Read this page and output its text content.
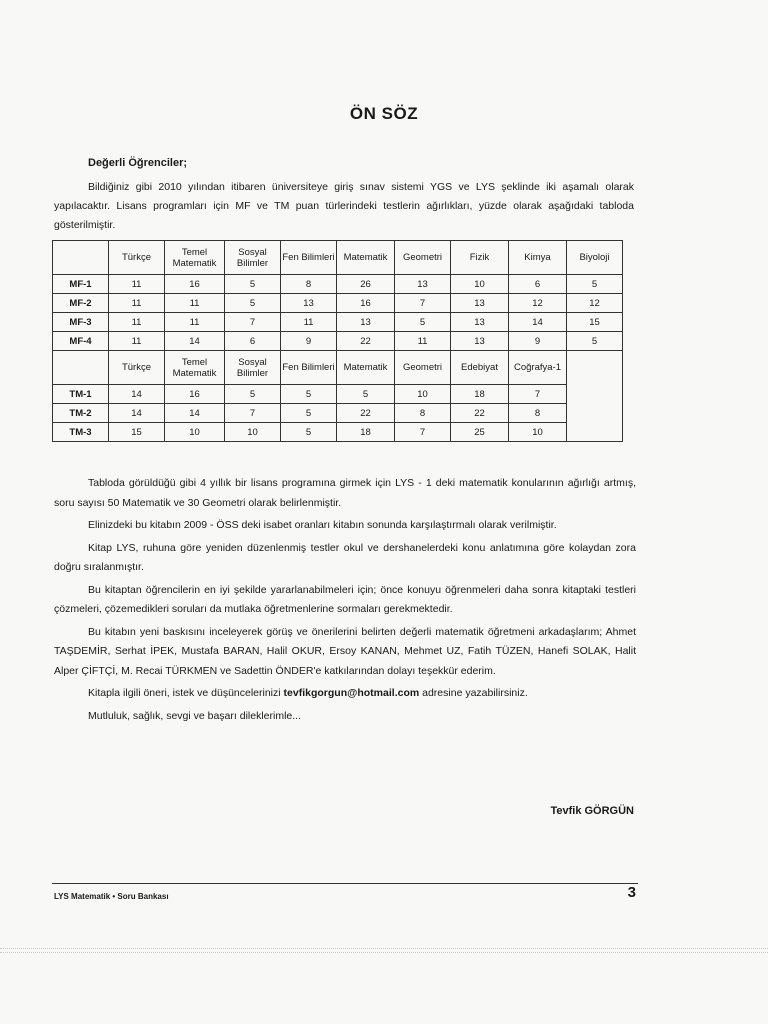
ÖN SÖZ
Değerli Öğrenciler;
Bildiğiniz gibi 2010 yılından itibaren üniversiteye giriş sınav sistemi YGS ve LYS şeklinde iki aşamalı olarak yapılacaktır. Lisans programları için MF ve TM puan türlerindeki testlerin ağırlıkları, yüzde olarak aşağıdaki tabloda gösterilmiştir.
	Türkçe	Temel Matematik	Sosyal Bilimler	Fen Bilimleri	Matematik	Geometri	Fizik	Kimya	Biyoloji
MF-1	11	16	5	8	26	13	10	6	5
MF-2	11	11	5	13	16	7	13	12	12
MF-3	11	11	7	11	13	5	13	14	15
MF-4	11	14	6	9	22	11	13	9	5
	Türkçe	Temel Matematik	Sosyal Bilimler	Fen Bilimleri	Matematik	Geometri	Edebiyat	Coğrafya-1	
TM-1	14	16	5	5	5	10	18	7	
TM-2	14	14	7	5	22	8	22	8	
TM-3	15	10	10	5	18	7	25	10	

Tabloda görüldüğü gibi 4 yıllık bir lisans programına girmek için LYS - 1 deki matematik konularının ağırlığı artmış, soru sayısı 50 Matematik ve 30 Geometri olarak belirlenmiştir.

Elinizdeki bu kitabın 2009 - ÖSS deki isabet oranları kitabın sonunda karşılaştırmalı olarak verilmiştir.

Kitap LYS, ruhuna göre yeniden düzenlenmiş testler okul ve dershanelerdeki konu anlatımına göre kolaydan zora doğru sıralanmıştır.

Bu kitaptan öğrencilerin en iyi şekilde yararlanabilmeleri için; önce konuyu öğrenmeleri daha sonra kitaptaki testleri çözmeleri, çözemedikleri soruları da mutlaka öğretmenlerine sormaları gerekmektedir.

Bu kitabın yeni baskısını inceleyerek görüş ve önerilerini belirten değerli matematik öğretmeni arkadaşlarım; Ahmet TAŞDEMİR, Serhat İPEK, Mustafa BARAN, Halil OKUR, Ersoy KANAN, Mehmet UZ, Fatih TÜZEN, Hanefi SOLAK, Halit Alper ÇİFTÇİ, M. Recai TÜRKMEN ve Sadettin ÖNDER'e katkılarından dolayı teşekkür ederim.

Kitapla ilgili öneri, istek ve düşüncelerinizi tevfikgorgun@hotmail.com adresine yazabilirsiniz.

Mutluluk, sağlık, sevgi ve başarı dileklerimle...

Tevfik GÖRGÜN
LYS Matematik • Soru Bankası	3
